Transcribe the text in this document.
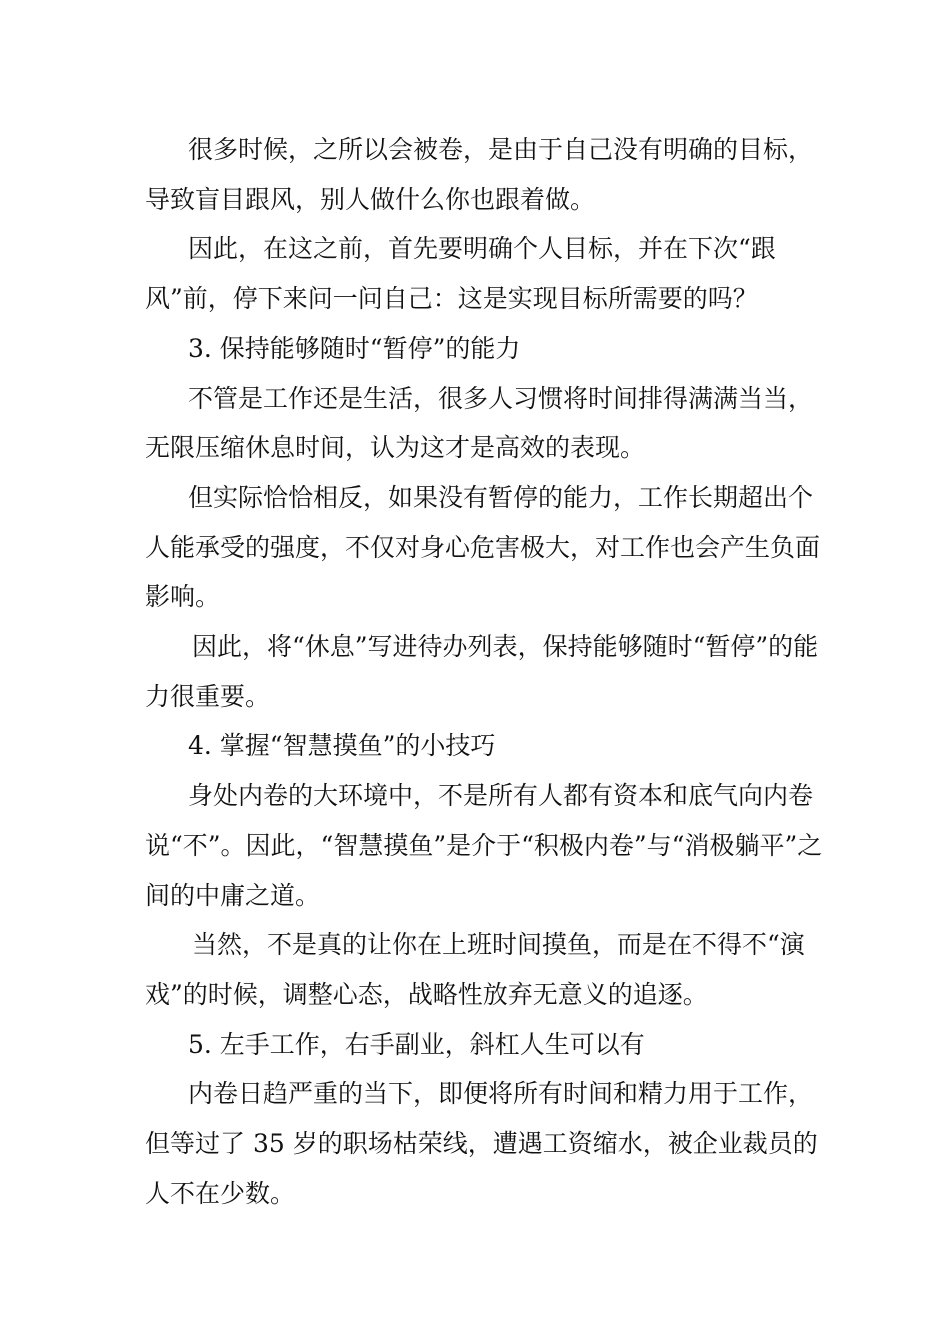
很多时候，之所以会被卷，是由于自己没有明确的目标，导致盲目跟风，别人做什么你也跟着做。

因此，在这之前，首先要明确个人目标，并在下次“跟风”前，停下来问一问自己：这是实现目标所需要的吗？

3. 保持能够随时“暂停”的能力

不管是工作还是生活，很多人习惯将时间排得满满当当，无限压缩休息时间，认为这才是高效的表现。

但实际恰恰相反，如果没有暂停的能力，工作长期超出个人能承受的强度，不仅对身心危害极大，对工作也会产生负面影响。

因此，将“休息”写进待办列表，保持能够随时“暂停”的能力很重要。

4. 掌握“智慧摸鱼”的小技巧

身处内卷的大环境中，不是所有人都有资本和底气向内卷说“不”。因此，“智慧摸鱼”是介于“积极内卷”与“消极躺平”之间的中庸之道。

当然，不是真的让你在上班时间摸鱼，而是在不得不“演戏”的时候，调整心态，战略性放弃无意义的追逐。

5. 左手工作，右手副业，斜杠人生可以有

内卷日趋严重的当下，即便将所有时间和精力用于工作，但等过了 35 岁的职场枯荣线，遭遇工资缩水，被企业裁员的人不在少数。
